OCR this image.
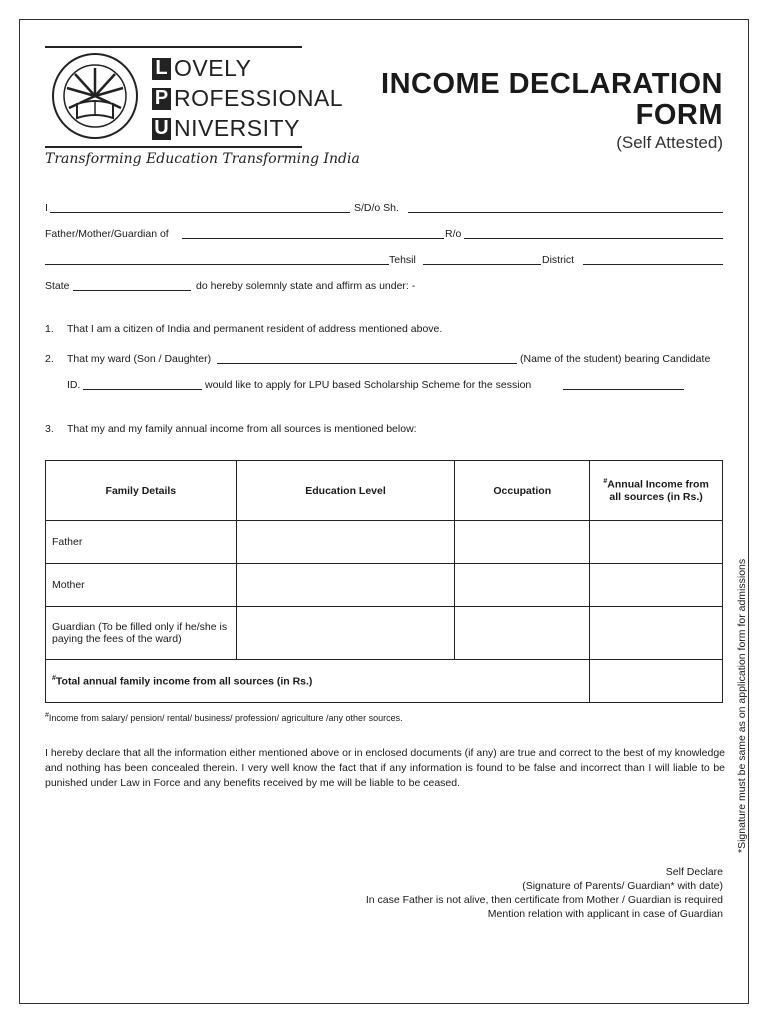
L OVELY
P ROFESSIONAL
U NIVERSITY
Transforming Education Transforming India
INCOME DECLARATION
FORM
(Self Attested)
I	S/D/o Sh.
Father/Mother/Guardian of	R/o
Tehsil	District
State	do hereby solemnly state and affirm as under: -
1. That I am a citizen of India and permanent resident of address mentioned above.
2. That my ward (Son / Daughter)	(Name of the student) bearing Candidate
ID.	would like to apply for LPU based Scholarship Scheme for the session
3. That my and my family annual income from all sources is mentioned below:
Family Details	Education Level	Occupation	#Annual Income from all sources (in Rs.)
Father			
Mother			
Guardian (To be filled only if he/she is paying the fees of the ward)			
#Total annual family income from all sources (in Rs.)			
#Income from salary/ pension/ rental/ business/ profession/ agriculture /any other sources.
I hereby declare that all the information either mentioned above or in enclosed documents (if any) are true and correct to the best of my knowledge and nothing has been concealed therein. I very well know the fact that if any information is found to be false and incorrect than I will liable to be punished under Law in Force and any benefits received by me will be liable to be ceased.
Self Declare
(Signature of Parents/ Guardian* with date)
In case Father is not alive, then certificate from Mother / Guardian is required
Mention relation with applicant in case of Guardian
*Signature must be same as on application form for admissions
